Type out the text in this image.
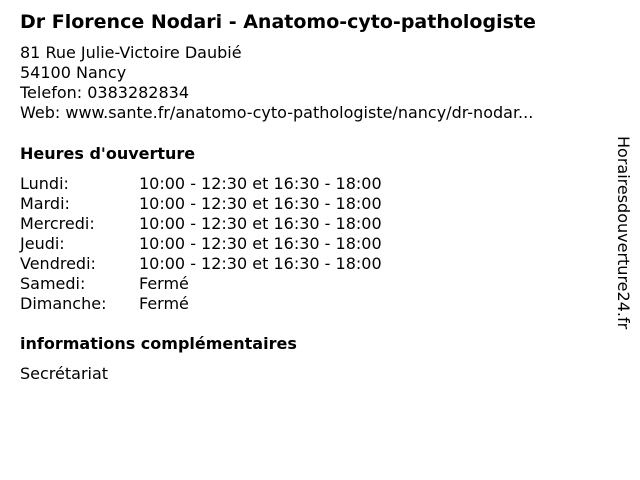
Dr Florence Nodari - Anatomo-cyto-pathologiste
81 Rue Julie-Victoire Daubié
54100 Nancy
Telefon: 0383282834
Web: www.sante.fr/anatomo-cyto-pathologiste/nancy/dr-nodar...
Heures d'ouverture
Lundi:	10:00 - 12:30 et 16:30 - 18:00
Mardi:	10:00 - 12:30 et 16:30 - 18:00
Mercredi:	10:00 - 12:30 et 16:30 - 18:00
Jeudi:	10:00 - 12:30 et 16:30 - 18:00
Vendredi:	10:00 - 12:30 et 16:30 - 18:00
Samedi:	Fermé
Dimanche: Fermé
informations complémentaires
Secrétariat
Horairesdouverture24.fr
